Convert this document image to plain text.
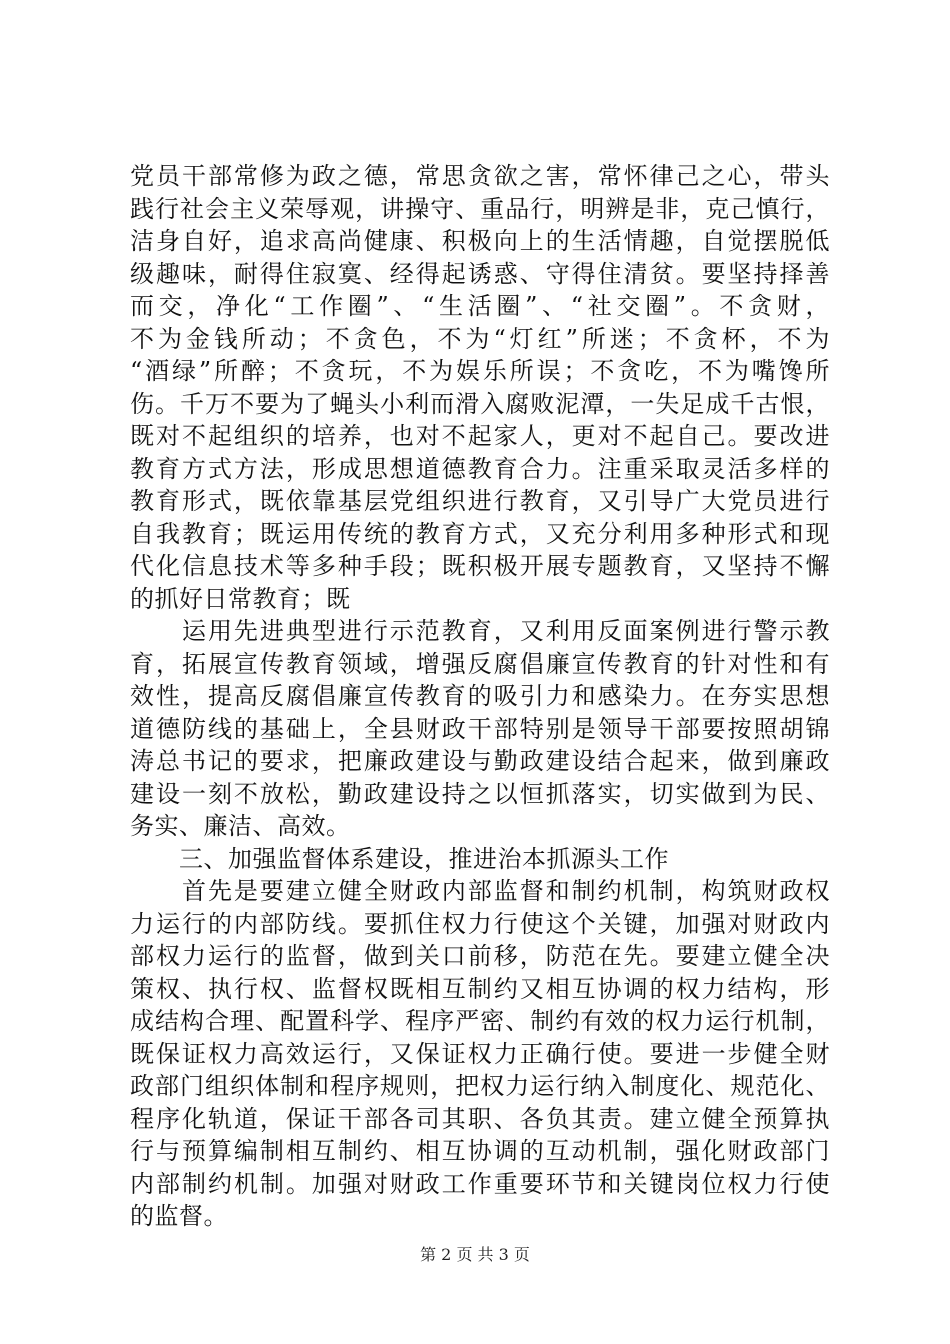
党员干部常修为政之德，常思贪欲之害，常怀律己之心，带头
践行社会主义荣辱观，讲操守、重品行，明辨是非，克己慎行，
洁身自好，追求高尚健康、积极向上的生活情趣，自觉摆脱低
级趣味，耐得住寂寞、经得起诱惑、守得住清贫。要坚持择善
而交，净化“工作圈”、“生活圈”、“社交圈”。不贪财，
不为金钱所动；不贪色，不为“灯红”所迷；不贪杯，不为
“酒绿”所醉；不贪玩，不为娱乐所误；不贪吃，不为嘴馋所
伤。千万不要为了蝇头小利而滑入腐败泥潭，一失足成千古恨，
既对不起组织的培养，也对不起家人，更对不起自己。要改进
教育方式方法，形成思想道德教育合力。注重采取灵活多样的
教育形式，既依靠基层党组织进行教育，又引导广大党员进行
自我教育；既运用传统的教育方式，又充分利用多种形式和现
代化信息技术等多种手段；既积极开展专题教育，又坚持不懈
的抓好日常教育；既
　　运用先进典型进行示范教育，又利用反面案例进行警示教
育，拓展宣传教育领域，增强反腐倡廉宣传教育的针对性和有
效性，提高反腐倡廉宣传教育的吸引力和感染力。在夯实思想
道德防线的基础上，全县财政干部特别是领导干部要按照胡锦
涛总书记的要求，把廉政建设与勤政建设结合起来，做到廉政
建设一刻不放松，勤政建设持之以恒抓落实，切实做到为民、
务实、廉洁、高效。
　　三、加强监督体系建设，推进治本抓源头工作
　　首先是要建立健全财政内部监督和制约机制，构筑财政权
力运行的内部防线。要抓住权力行使这个关键，加强对财政内
部权力运行的监督，做到关口前移，防范在先。要建立健全决
策权、执行权、监督权既相互制约又相互协调的权力结构，形
成结构合理、配置科学、程序严密、制约有效的权力运行机制，
既保证权力高效运行，又保证权力正确行使。要进一步健全财
政部门组织体制和程序规则，把权力运行纳入制度化、规范化、
程序化轨道，保证干部各司其职、各负其责。建立健全预算执
行与预算编制相互制约、相互协调的互动机制，强化财政部门
内部制约机制。加强对财政工作重要环节和关键岗位权力行使
的监督。
第 2 页 共 3 页
